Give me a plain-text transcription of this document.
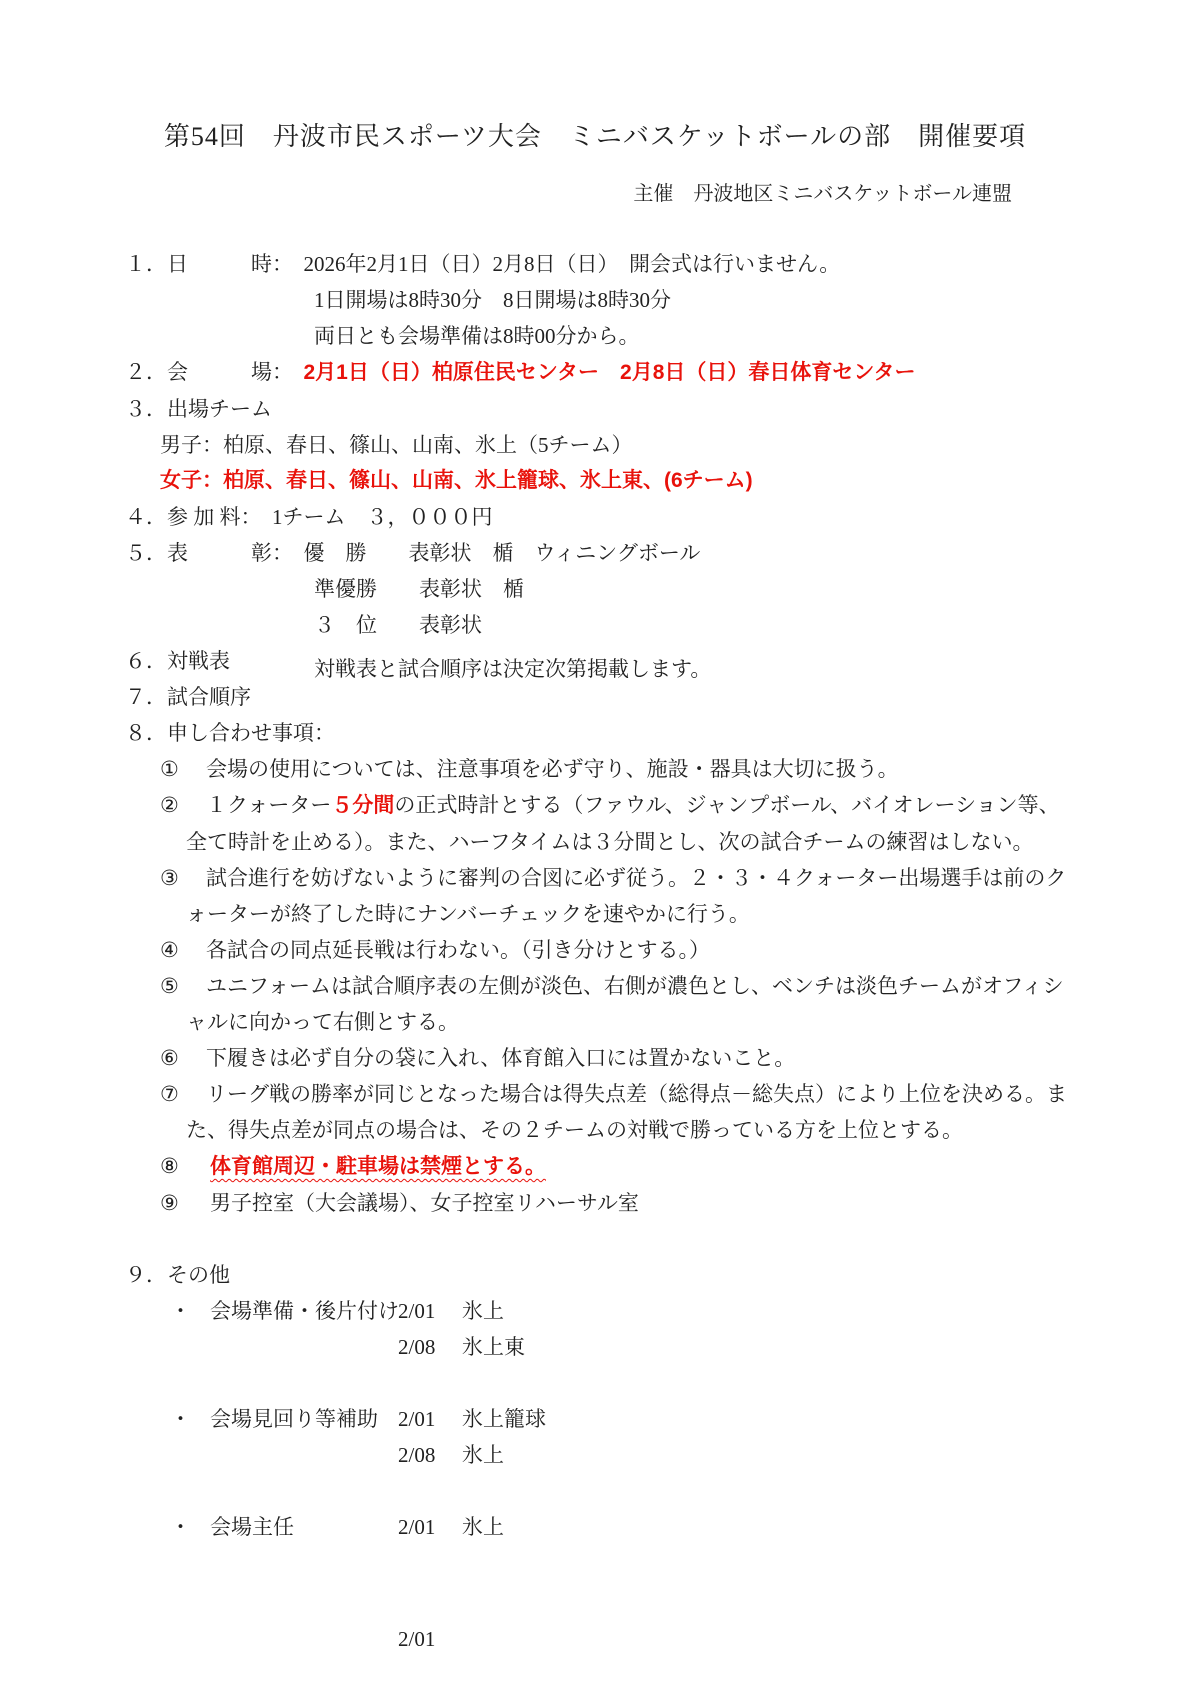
第54回　丹波市民スポーツ大会　ミニバスケットボールの部　開催要項
主催　丹波地区ミニバスケットボール連盟
１．日　　　時：　2026年2月1日（日）2月8日（日）　開会式は行いません。
1日開場は8時30分　8日開場は8時30分
両日とも会場準備は8時00分から。
２．会　　　場：　2月1日（日）柏原住民センター　2月8日（日）春日体育センター
３．出場チーム
男子：柏原、春日、篠山、山南、氷上（5チーム）
女子：柏原、春日、篠山、山南、氷上籠球、氷上東、(6チーム)
４．参 加 料：　1チーム　３，０００円
５．表　　　彰：　優　勝　　表彰状　楯　ウィニングボール
準優勝　　表彰状　楯
３　位　　表彰状
６．対戦表	対戦表と試合順序は決定次第掲載します。
７．試合順序
８．申し合わせ事項：
① 会場の使用については、注意事項を必ず守り、施設・器具は大切に扱う。
② １クォーター５分間の正式時計とする（ファウル、ジャンプボール、バイオレーション等、
全て時計を止める）。また、ハーフタイムは３分間とし、次の試合チームの練習はしない。
③ 試合進行を妨げないように審判の合図に必ず従う。２・３・４クォーター出場選手は前のク
ォーターが終了した時にナンバーチェックを速やかに行う。
④ 各試合の同点延長戦は行わない。（引き分けとする。）
⑤ ユニフォームは試合順序表の左側が淡色、右側が濃色とし、ベンチは淡色チームがオフィシ
ャルに向かって右側とする。
⑥ 下履きは必ず自分の袋に入れ、体育館入口には置かないこと。
⑦ リーグ戦の勝率が同じとなった場合は得失点差（総得点－総失点）により上位を決める。ま
た、得失点差が同点の場合は、その２チームの対戦で勝っている方を上位とする。
⑧ 体育館周辺・駐車場は禁煙とする。
⑨ 男子控室（大会議場）、女子控室リハーサル室
９．その他
・ 会場準備・後片付け 2/01	氷上
2/08	氷上東
・ 会場見回り等補助 2/01	氷上籠球
2/08	氷上
・ 会場主任	2/01	氷上
2/01
